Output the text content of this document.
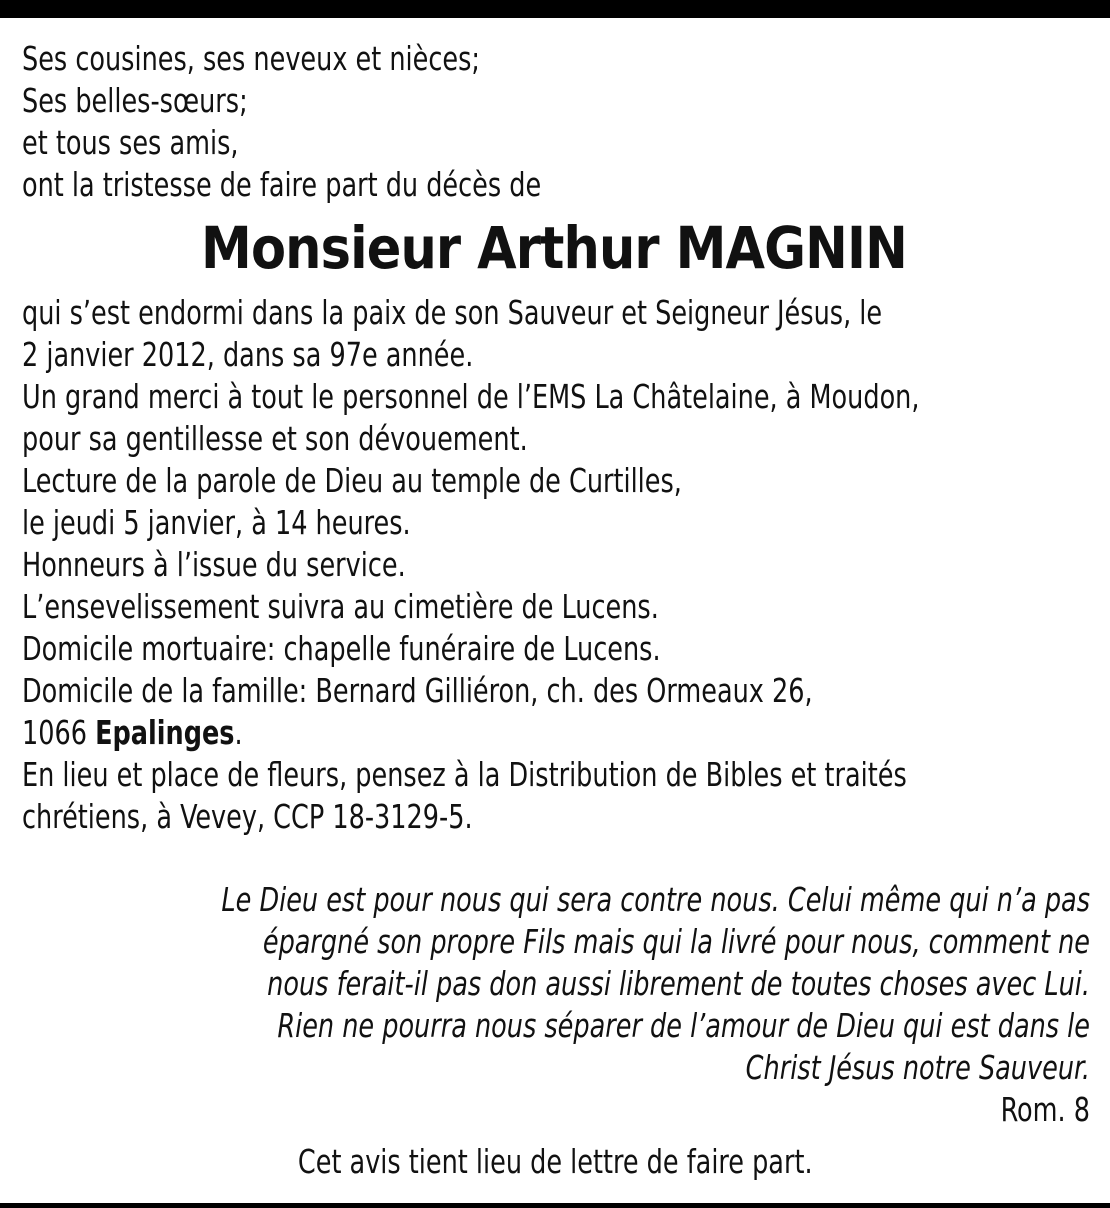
Ses cousines, ses neveux et nièces;
Ses belles-sœurs;
et tous ses amis,
ont la tristesse de faire part du décès de
Monsieur Arthur MAGNIN
qui s’est endormi dans la paix de son Sauveur et Seigneur Jésus, le
2 janvier 2012, dans sa 97e année.
Un grand merci à tout le personnel de l’EMS La Châtelaine, à Moudon,
pour sa gentillesse et son dévouement.
Lecture de la parole de Dieu au temple de Curtilles,
le jeudi 5 janvier, à 14 heures.
Honneurs à l’issue du service.
L’ensevelissement suivra au cimetière de Lucens.
Domicile mortuaire: chapelle funéraire de Lucens.
Domicile de la famille: Bernard Gilliéron, ch. des Ormeaux 26,
1066 Epalinges.
En lieu et place de fleurs, pensez à la Distribution de Bibles et traités
chrétiens, à Vevey, CCP 18-3129-5.
Le Dieu est pour nous qui sera contre nous. Celui même qui n’a pas
épargné son propre Fils mais qui la livré pour nous, comment ne
nous ferait-il pas don aussi librement de toutes choses avec Lui.
Rien ne pourra nous séparer de l’amour de Dieu qui est dans le
Christ Jésus notre Sauveur.
Rom. 8
Cet avis tient lieu de lettre de faire part.
